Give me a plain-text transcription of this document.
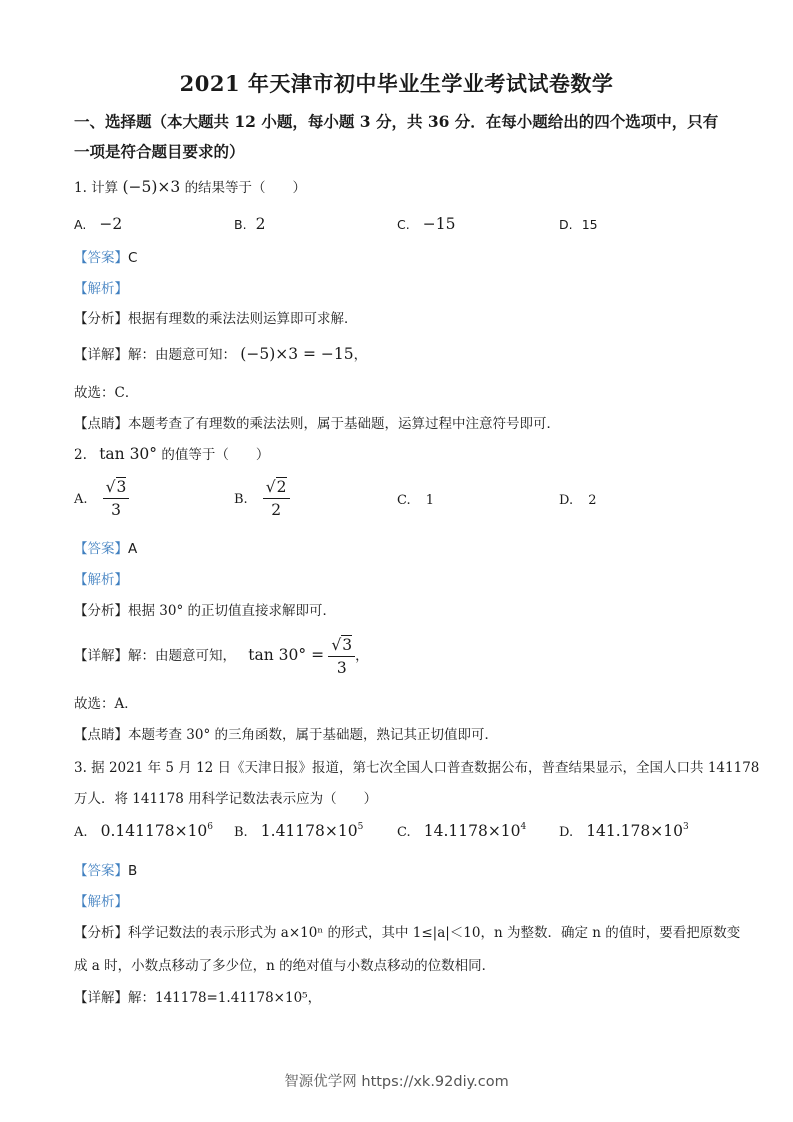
2021 年天津市初中毕业生学业考试试卷数学
一、选择题（本大题共 12 小题，每小题 3 分，共 36 分．在每小题给出的四个选项中，只有
一项是符合题目要求的）
1. 计算 (−5)×3 的结果等于（　　）
A. −2	B. 2	C. −15	D. 15
【答案】C
【解析】
【分析】根据有理数的乘法法则运算即可求解．
【详解】解：由题意可知： (−5)×3 = −15，
故选：C．
【点睛】本题考查了有理数的乘法法则，属于基础题，运算过程中注意符号即可．
2. tan 30° 的值等于（　　）
A. $\frac{√3}{3}$	B. $\frac{√2}{2}$	C. 1	D. 2
【答案】A
【解析】
【分析】根据 30° 的正切值直接求解即可．
【详解】解：由题意可知， $\tan 30^\circ = \frac{√3}{3}$ ，
故选：A．
【点睛】本题考查 30° 的三角函数，属于基础题，熟记其正切值即可．
3. 据 2021 年 5 月 12 日《天津日报》报道，第七次全国人口普查数据公布，普查结果显示，全国人口共 141178
万人．将 141178 用科学记数法表示应为（　　）
A. $0.141178\times 10^6$ B. $1.41178\times 10^5$	C. $14.1178\times 10^4$	D. $141.178\times 10^3$
【答案】B
【解析】
【分析】科学记数法的表示形式为 a×10ⁿ 的形式，其中 1≤|a|＜10，n 为整数．确定 n 的值时，要看把原数变
成 a 时，小数点移动了多少位，n 的绝对值与小数点移动的位数相同．
【详解】解：141178=1.41178×10⁵，
智源优学网 https://xk.92diy.com
